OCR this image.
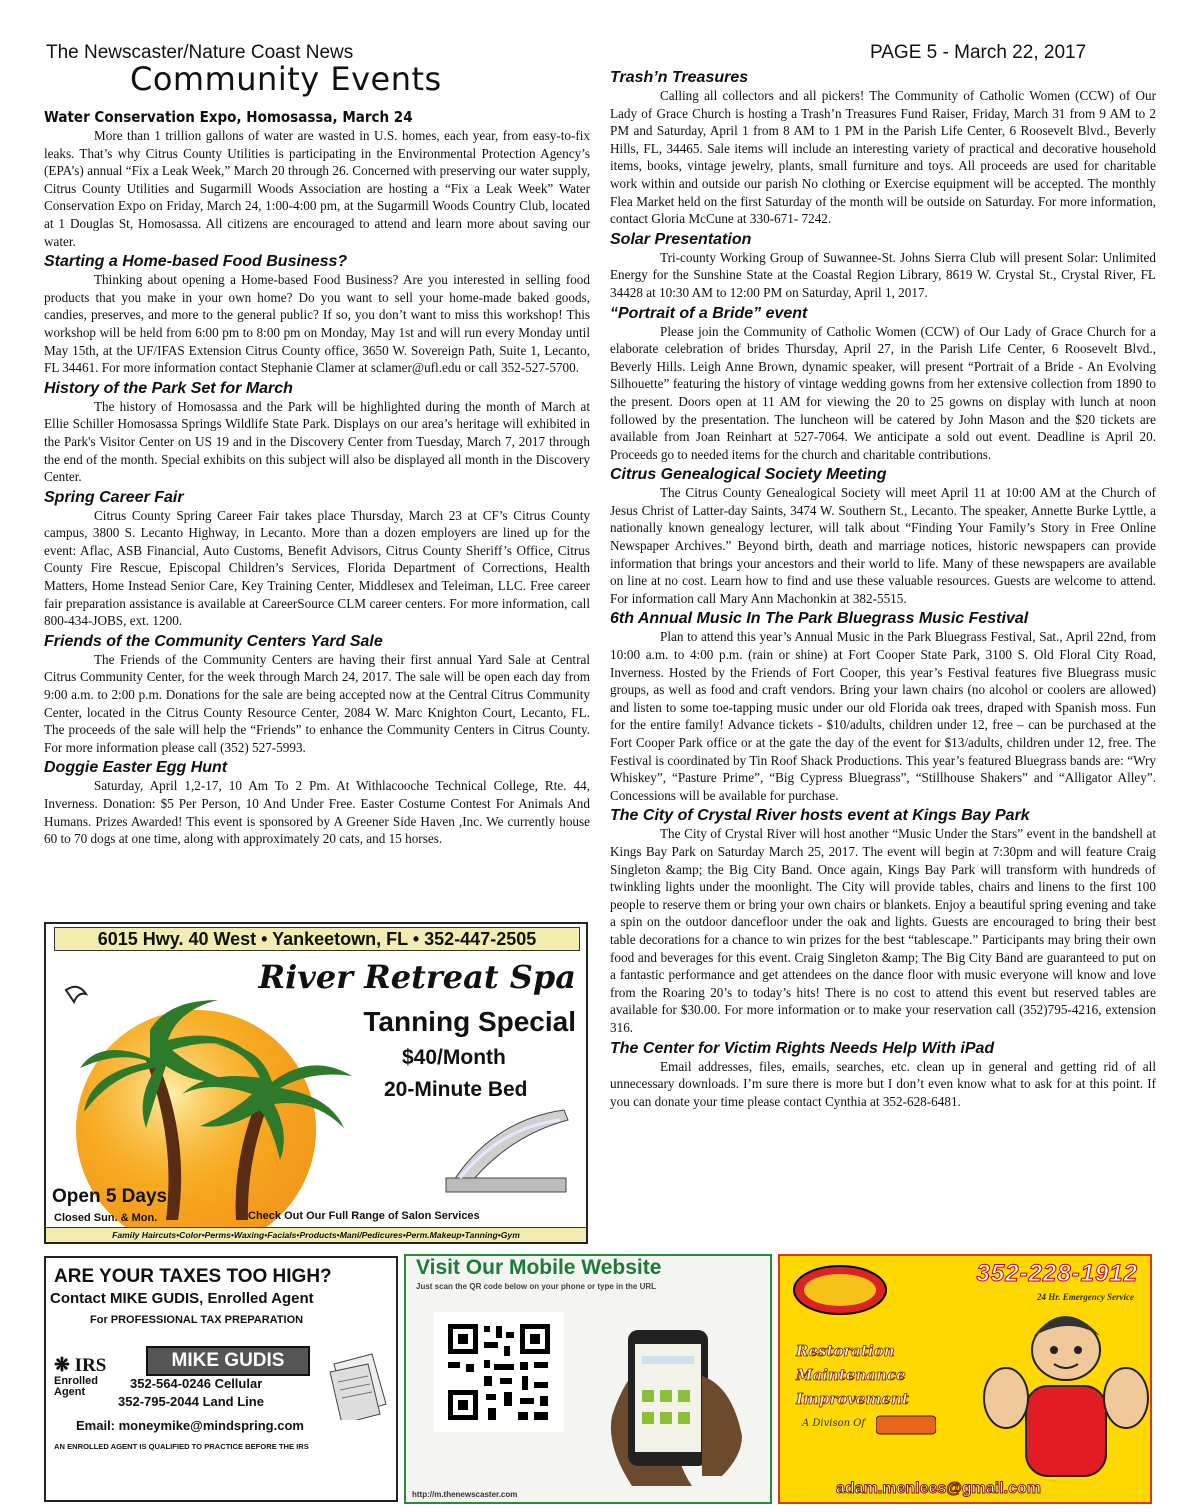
The Newscaster/Nature Coast News	PAGE 5 - March 22, 2017
Community Events
Water Conservation Expo, Homosassa, March 24

More than 1 trillion gallons of water are wasted in U.S. homes, each year, from easy-to-fix leaks. That’s why Citrus County Utilities is participating in the Environmental Protection Agency’s (EPA’s) annual “Fix a Leak Week,” March 20 through 26. Concerned with preserving our water supply, Citrus County Utilities and Sugarmill Woods Association are hosting a “Fix a Leak Week” Water Conservation Expo on Friday, March 24, 1:00-4:00 pm, at the Sugarmill Woods Country Club, located at 1 Douglas St, Homosassa. All citizens are encouraged to attend and learn more about saving our water.

Starting a Home-based Food Business?

Thinking about opening a Home-based Food Business? Are you interested in selling food products that you make in your own home? Do you want to sell your home-made baked goods, candies, preserves, and more to the general public? If so, you don’t want to miss this workshop! This workshop will be held from 6:00 pm to 8:00 pm on Monday, May 1st and will run every Monday until May 15th, at the UF/IFAS Extension Citrus County office, 3650 W. Sovereign Path, Suite 1, Lecanto, FL 34461. For more information contact Stephanie Clamer at sclamer@ufl.edu or call 352-527-5700.

History of the Park Set for March

The history of Homosassa and the Park will be highlighted during the month of March at Ellie Schiller Homosassa Springs Wildlife State Park. Displays on our area’s heritage will exhibited in the Park's Visitor Center on US 19 and in the Discovery Center from Tuesday, March 7, 2017 through the end of the month. Special exhibits on this subject will also be displayed all month in the Discovery Center.

Spring Career Fair

Citrus County Spring Career Fair takes place Thursday, March 23 at CF’s Citrus County campus, 3800 S. Lecanto Highway, in Lecanto. More than a dozen employers are lined up for the event: Aflac, ASB Financial, Auto Customs, Benefit Advisors, Citrus County Sheriff’s Office, Citrus County Fire Rescue, Episcopal Children’s Services, Florida Department of Corrections, Health Matters, Home Instead Senior Care, Key Training Center, Middlesex and Teleiman, LLC. Free career fair preparation assistance is available at CareerSource CLM career centers. For more information, call 800-434-JOBS, ext. 1200.

Friends of the Community Centers Yard Sale

The Friends of the Community Centers are having their first annual Yard Sale at Central Citrus Community Center, for the week through March 24, 2017. The sale will be open each day from 9:00 a.m. to 2:00 p.m. Donations for the sale are being accepted now at the Central Citrus Community Center, located in the Citrus County Resource Center, 2084 W. Marc Knighton Court, Lecanto, FL. The proceeds of the sale will help the “Friends” to enhance the Community Centers in Citrus County. For more information please call (352) 527-5993.

Doggie Easter Egg Hunt

Saturday, April 1,2-17, 10 Am To 2 Pm. At Withlacooche Technical College, Rte. 44, Inverness. Donation: $5 Per Person, 10 And Under Free. Easter Costume Contest For Animals And Humans. Prizes Awarded! This event is sponsored by A Greener Side Haven ,Inc. We currently house 60 to 70 dogs at one time, along with approximately 20 cats, and 15 horses.

Trash’n Treasures

Calling all collectors and all pickers! The Community of Catholic Women (CCW) of Our Lady of Grace Church is hosting a Trash’n Treasures Fund Raiser, Friday, March 31 from 9 AM to 2 PM and Saturday, April 1 from 8 AM to 1 PM in the Parish Life Center, 6 Roosevelt Blvd., Beverly Hills, FL, 34465. Sale items will include an interesting variety of practical and decorative household items, books, vintage jewelry, plants, small furniture and toys. All proceeds are used for charitable work within and outside our parish No clothing or Exercise equipment will be accepted. The monthly Flea Market held on the first Saturday of the month will be outside on Saturday. For more information, contact Gloria McCune at 330-671- 7242.

Solar Presentation

Tri-county Working Group of Suwannee-St. Johns Sierra Club will present Solar: Unlimited Energy for the Sunshine State at the Coastal Region Library, 8619 W. Crystal St., Crystal River, FL 34428 at 10:30 AM to 12:00 PM on Saturday, April 1, 2017.

“Portrait of a Bride” event

Please join the Community of Catholic Women (CCW) of Our Lady of Grace Church for a elaborate celebration of brides Thursday, April 27, in the Parish Life Center, 6 Roosevelt Blvd., Beverly Hills. Leigh Anne Brown, dynamic speaker, will present “Portrait of a Bride - An Evolving Silhouette” featuring the history of vintage wedding gowns from her extensive collection from 1890 to the present. Doors open at 11 AM for viewing the 20 to 25 gowns on display with lunch at noon followed by the presentation. The luncheon will be catered by John Mason and the $20 tickets are available from Joan Reinhart at 527-7064. We anticipate a sold out event. Deadline is April 20. Proceeds go to needed items for the church and charitable contributions.

Citrus Genealogical Society Meeting

The Citrus County Genealogical Society will meet April 11 at 10:00 AM at the Church of Jesus Christ of Latter-day Saints, 3474 W. Southern St., Lecanto. The speaker, Annette Burke Lyttle, a nationally known genealogy lecturer, will talk about “Finding Your Family’s Story in Free Online Newspaper Archives.” Beyond birth, death and marriage notices, historic newspapers can provide information that brings your ancestors and their world to life. Many of these newspapers are available on line at no cost. Learn how to find and use these valuable resources. Guests are welcome to attend. For information call Mary Ann Machonkin at 382-5515.

6th Annual Music In The Park Bluegrass Music Festival

Plan to attend this year’s Annual Music in the Park Bluegrass Festival, Sat., April 22nd, from 10:00 a.m. to 4:00 p.m. (rain or shine) at Fort Cooper State Park, 3100 S. Old Floral City Road, Inverness. Hosted by the Friends of Fort Cooper, this year’s Festival features five Bluegrass music groups, as well as food and craft vendors. Bring your lawn chairs (no alcohol or coolers are allowed) and listen to some toe-tapping music under our old Florida oak trees, draped with Spanish moss. Fun for the entire family! Advance tickets - $10/adults, children under 12, free – can be purchased at the Fort Cooper Park office or at the gate the day of the event for $13/adults, children under 12, free. The Festival is coordinated by Tin Roof Shack Productions. This year’s featured Bluegrass bands are: “Wry Whiskey”, “Pasture Prime”, “Big Cypress Bluegrass”, “Stillhouse Shakers” and “Alligator Alley”. Concessions will be available for purchase.

The City of Crystal River hosts event at Kings Bay Park

The City of Crystal River will host another “Music Under the Stars” event in the bandshell at Kings Bay Park on Saturday March 25, 2017. The event will begin at 7:30pm and will feature Craig Singleton &amp; the Big City Band. Once again, Kings Bay Park will transform with hundreds of twinkling lights under the moonlight. The City will provide tables, chairs and linens to the first 100 people to reserve them or bring your own chairs or blankets. Enjoy a beautiful spring evening and take a spin on the outdoor dancefloor under the oak and lights. Guests are encouraged to bring their best table decorations for a chance to win prizes for the best “tablescape.” Participants may bring their own food and beverages for this event. Craig Singleton &amp; The Big City Band are guaranteed to put on a fantastic performance and get attendees on the dance floor with music everyone will know and love from the Roaring 20’s to today’s hits! There is no cost to attend this event but reserved tables are available for $30.00. For more information or to make your reservation call (352)795-4216, extension 316.

The Center for Victim Rights Needs Help With iPad

Email addresses, files, emails, searches, etc. clean up in general and getting rid of all unnecessary downloads. I’m sure there is more but I don’t even know what to ask for at this point. If you can donate your time please contact Cynthia at 352-628-6481.

6015 Hwy. 40 West • Yankeetown, FL • 352-447-2505
River Retreat Spa
Tanning Special
$40/Month
20-Minute Bed
Open 5 Days
Closed Sun. & Mon.	Check Out Our Full Range of Salon Services
Family Haircuts•Color•Perms•Waxing•Facials•Products•Mani/Pedicures•Perm.Makeup•Tanning•Gym
ARE YOUR TAXES TOO HIGH?
Contact MIKE GUDIS, Enrolled Agent
For PROFESSIONAL TAX PREPARATION
❋ IRS
Enrolled Agent
MIKE GUDIS
352-564-0246 Cellular
352-795-2044 Land Line
Email: moneymike@mindspring.com
AN ENROLLED AGENT IS QUALIFIED TO PRACTICE BEFORE THE IRS
Visit Our Mobile Website
Just scan the QR code below on your phone or type in the URL
http://m.thenewscaster.com
352-228-1912
24 Hr. Emergency Service
Restoration
Maintenance
Improvement
A Divison Of
adam.menlees@gmail.com
